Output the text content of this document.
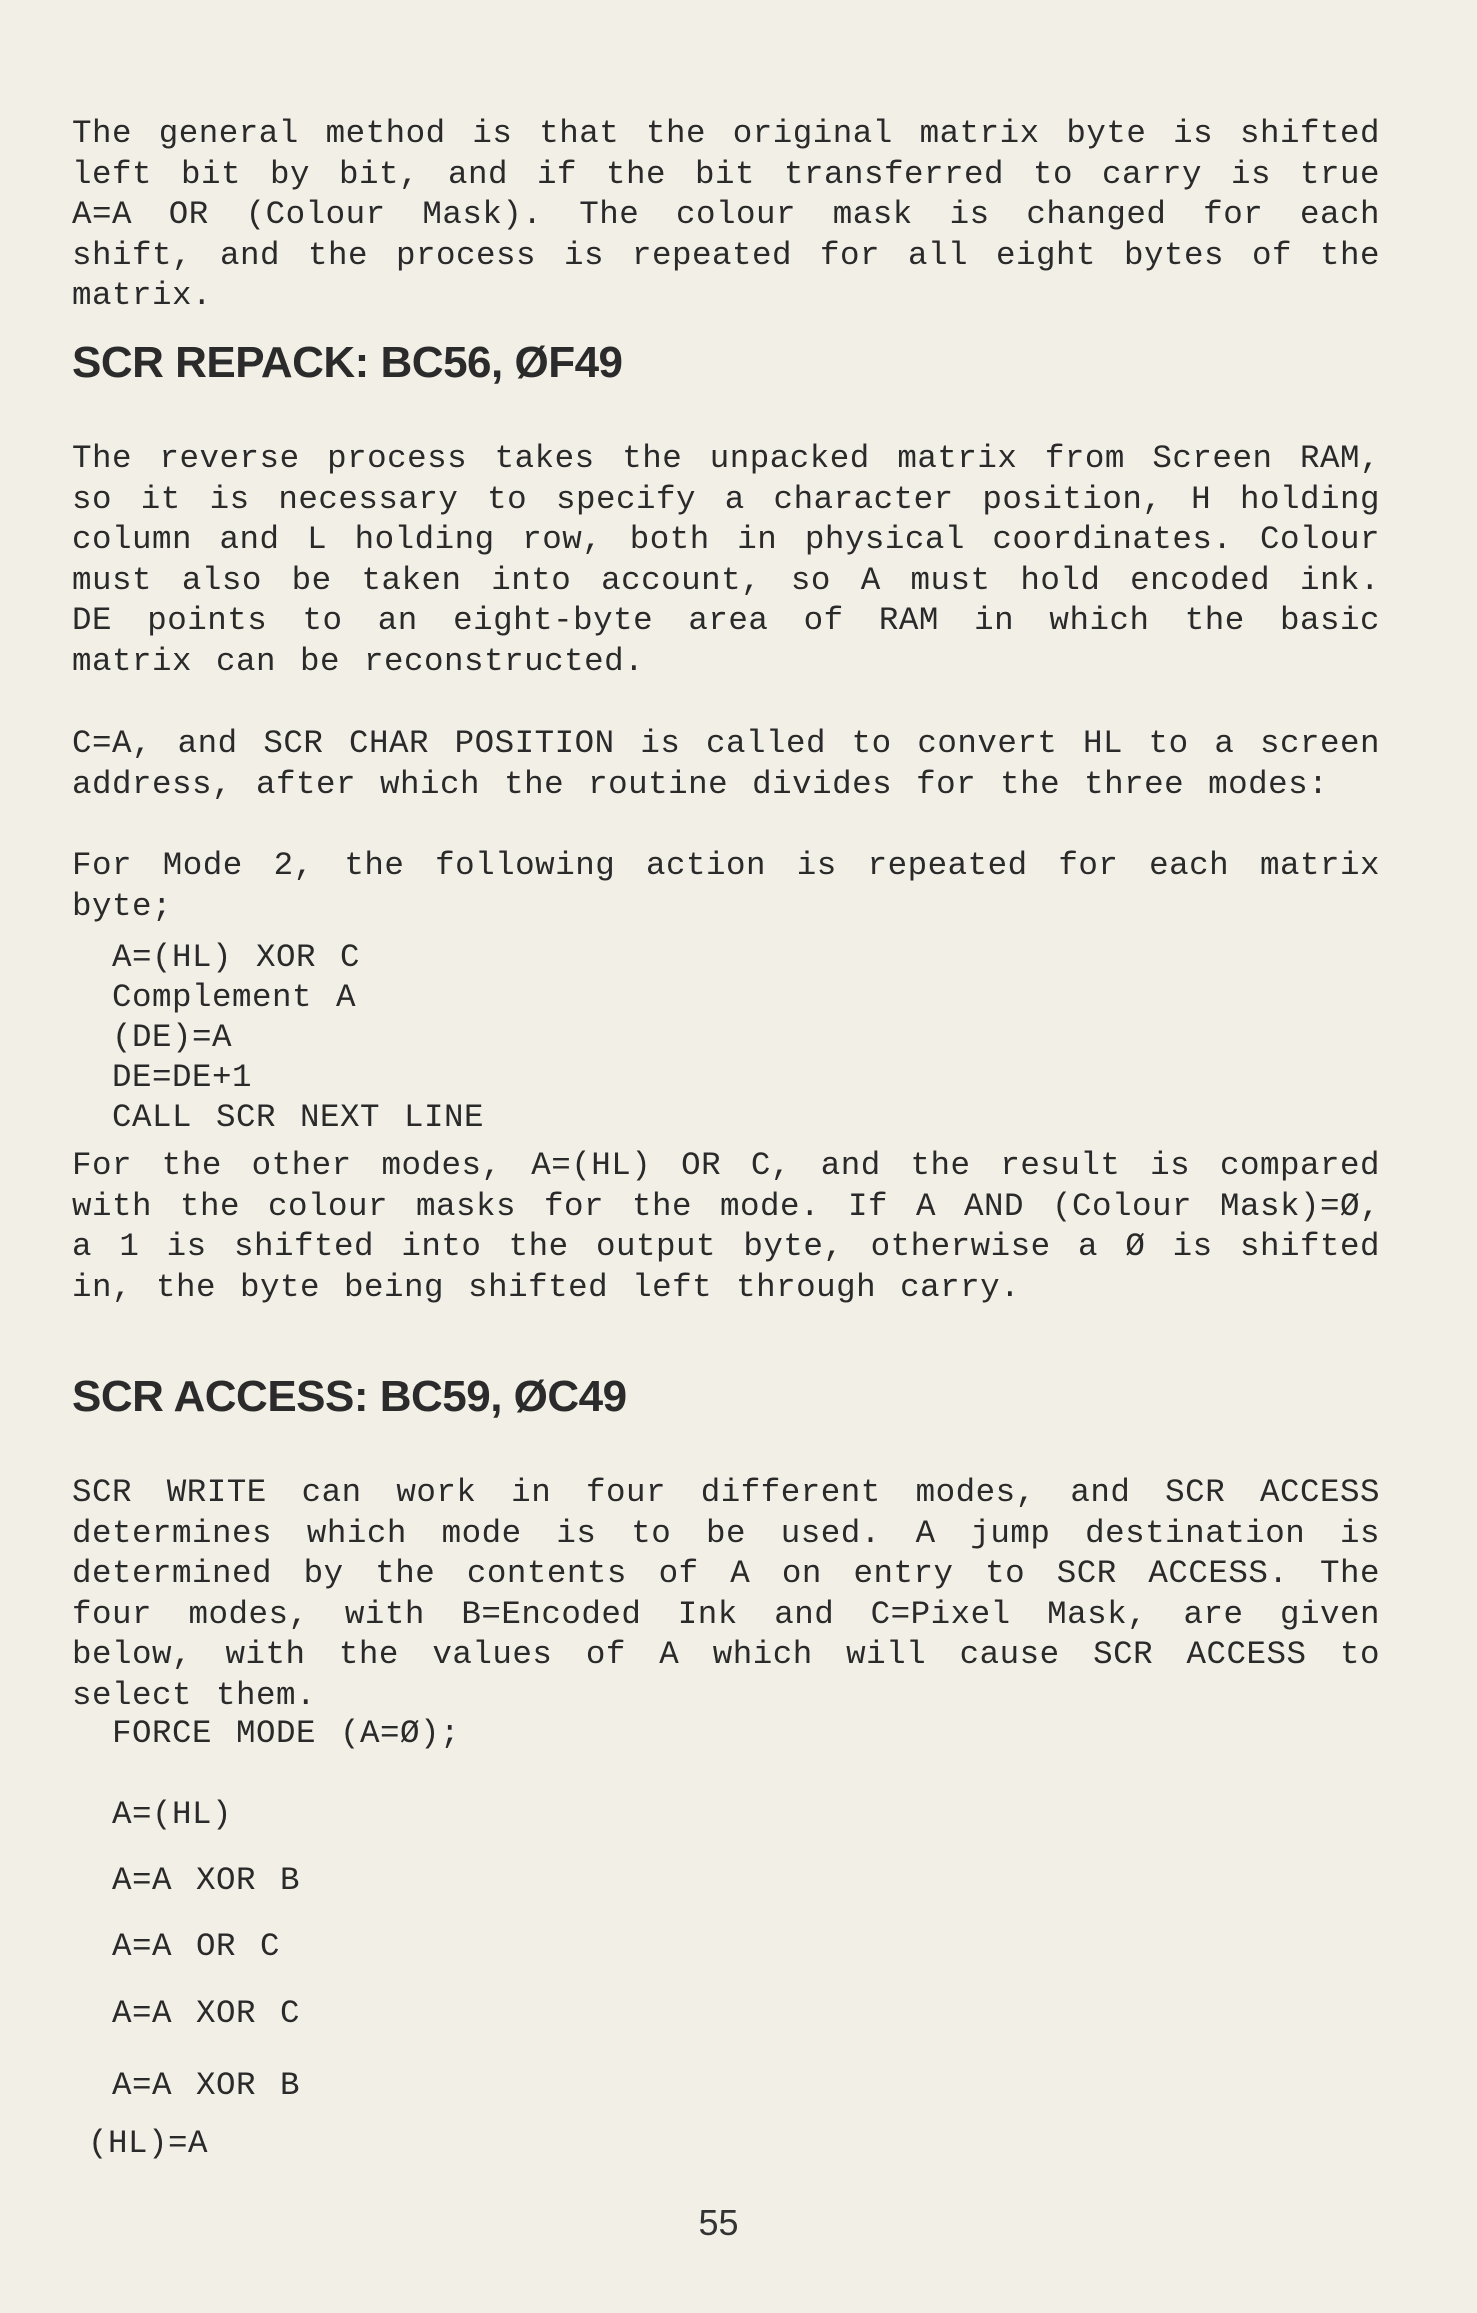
The general method is that the original matrix byte is shifted left bit by bit, and if the bit transferred to carry is true A=A OR (Colour Mask). The colour mask is changed for each shift, and the process is repeated for all eight bytes of the matrix.

SCR REPACK: BC56, ØF49

The reverse process takes the unpacked matrix from Screen RAM, so it is necessary to specify a character position, H holding column and L holding row, both in physical coordinates. Colour must also be taken into account, so A must hold encoded ink. DE points to an eight-byte area of RAM in which the basic matrix can be reconstructed.

C=A, and SCR CHAR POSITION is called to convert HL to a screen address, after which the routine divides for the three modes:

For Mode 2, the following action is repeated for each matrix byte;

A=(HL) XOR C
Complement A
(DE)=A
DE=DE+1
CALL SCR NEXT LINE

For the other modes, A=(HL) OR C, and the result is compared with the colour masks for the mode. If A AND (Colour Mask)=Ø, a 1 is shifted into the output byte, otherwise a Ø is shifted in, the byte being shifted left through carry.

SCR ACCESS: BC59, ØC49

SCR WRITE can work in four different modes, and SCR ACCESS determines which mode is to be used. A jump destination is determined by the contents of A on entry to SCR ACCESS. The four modes, with B=Encoded Ink and C=Pixel Mask, are given below, with the values of A which will cause SCR ACCESS to select them.

FORCE MODE (A=Ø);

A=(HL)

A=A XOR B

A=A OR C

A=A XOR C

A=A XOR B

(HL)=A

55
